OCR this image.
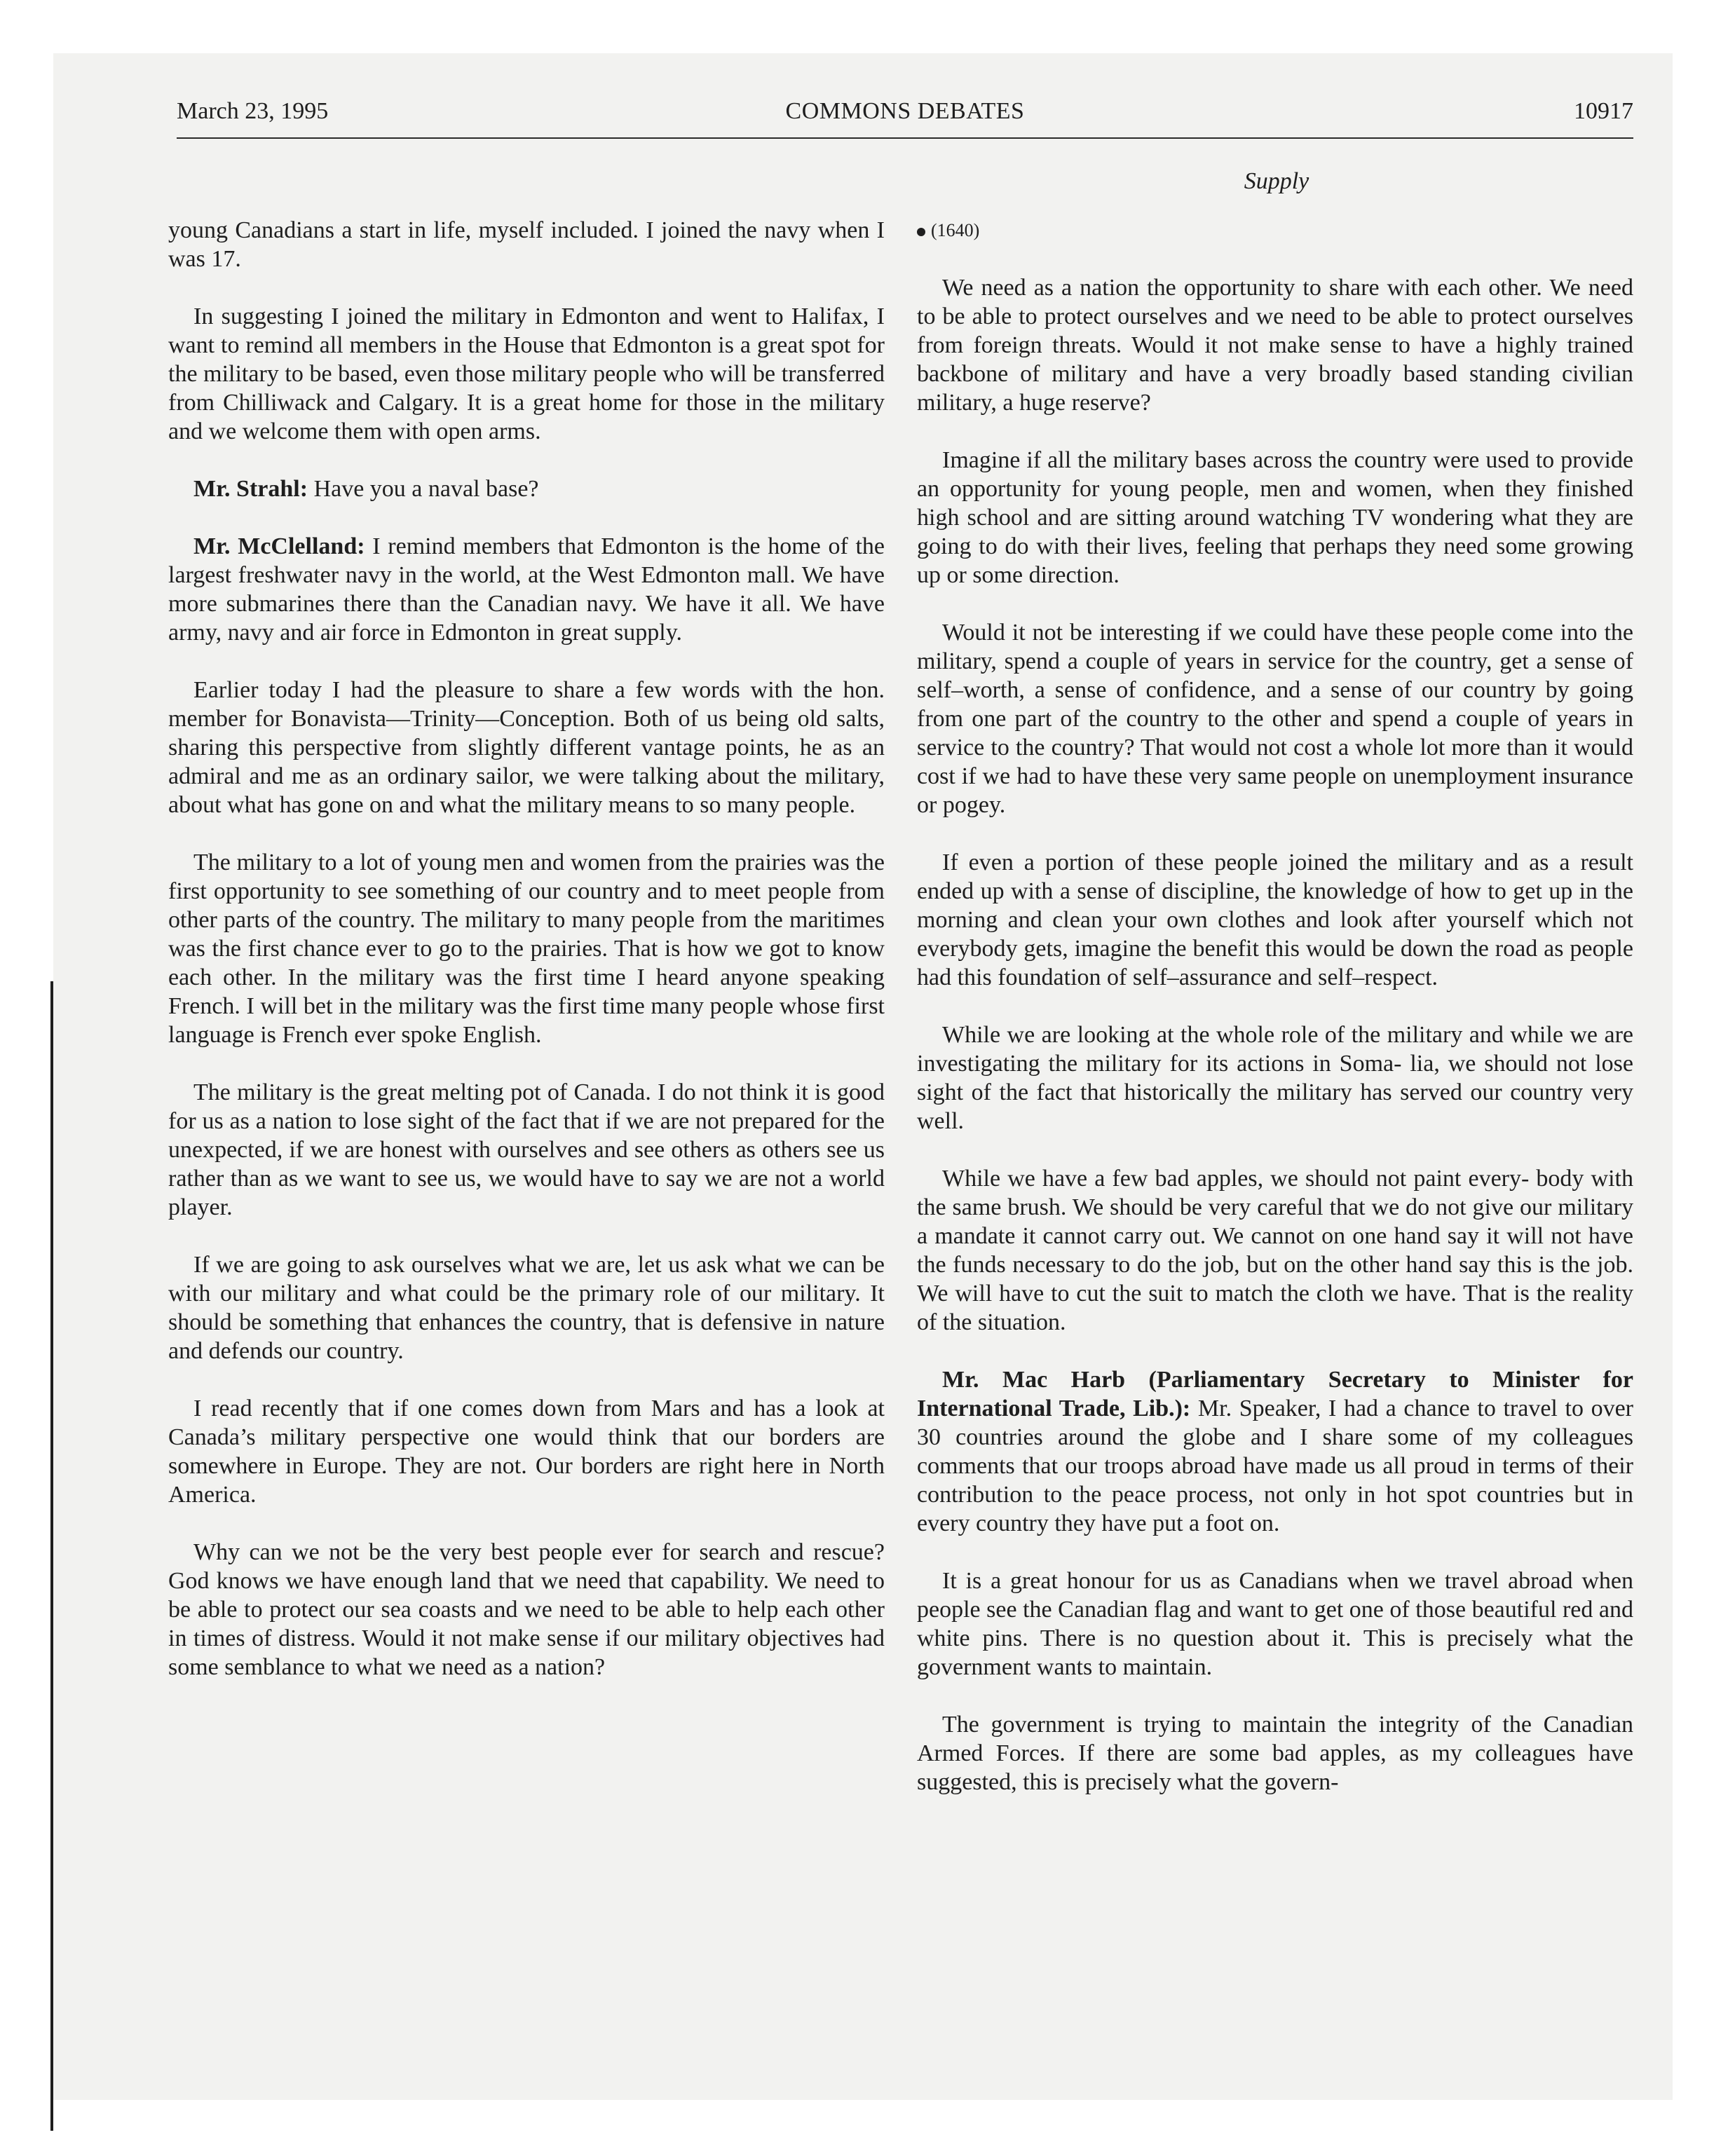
March 23, 1995	COMMONS DEBATES	10917
Supply

young Canadians a start in life, myself included. I joined the navy when I was 17.

In suggesting I joined the military in Edmonton and went to Halifax, I want to remind all members in the House that Edmonton is a great spot for the military to be based, even those military people who will be transferred from Chilliwack and Calgary. It is a great home for those in the military and we welcome them with open arms.

Mr. Strahl: Have you a naval base?

Mr. McClelland: I remind members that Edmonton is the home of the largest freshwater navy in the world, at the West Edmonton mall. We have more submarines there than the Canadian navy. We have it all. We have army, navy and air force in Edmonton in great supply.

Earlier today I had the pleasure to share a few words with the hon. member for Bonavista—Trinity—Conception. Both of us being old salts, sharing this perspective from slightly different vantage points, he as an admiral and me as an ordinary sailor, we were talking about the military, about what has gone on and what the military means to so many people.

The military to a lot of young men and women from the prairies was the first opportunity to see something of our country and to meet people from other parts of the country. The military to many people from the maritimes was the first chance ever to go to the prairies. That is how we got to know each other. In the military was the first time I heard anyone speaking French. I will bet in the military was the first time many people whose first language is French ever spoke English.

The military is the great melting pot of Canada. I do not think it is good for us as a nation to lose sight of the fact that if we are not prepared for the unexpected, if we are honest with ourselves and see others as others see us rather than as we want to see us, we would have to say we are not a world player.

If we are going to ask ourselves what we are, let us ask what we can be with our military and what could be the primary role of our military. It should be something that enhances the country, that is defensive in nature and defends our country.

I read recently that if one comes down from Mars and has a look at Canada’s military perspective one would think that our borders are somewhere in Europe. They are not. Our borders are right here in North America.

Why can we not be the very best people ever for search and rescue? God knows we have enough land that we need that capability. We need to be able to protect our sea coasts and we need to be able to help each other in times of distress. Would it not make sense if our military objectives had some semblance to what we need as a nation?

(1640)

We need as a nation the opportunity to share with each other. We need to be able to protect ourselves and we need to be able to protect ourselves from foreign threats. Would it not make sense to have a highly trained backbone of military and have a very broadly based standing civilian military, a huge reserve?

Imagine if all the military bases across the country were used to provide an opportunity for young people, men and women, when they finished high school and are sitting around watching TV wondering what they are going to do with their lives, feeling that perhaps they need some growing up or some direction.

Would it not be interesting if we could have these people come into the military, spend a couple of years in service for the country, get a sense of self–worth, a sense of confidence, and a sense of our country by going from one part of the country to the other and spend a couple of years in service to the country? That would not cost a whole lot more than it would cost if we had to have these very same people on unemployment insurance or pogey.

If even a portion of these people joined the military and as a result ended up with a sense of discipline, the knowledge of how to get up in the morning and clean your own clothes and look after yourself which not everybody gets, imagine the benefit this would be down the road as people had this foundation of self–assurance and self–respect.

While we are looking at the whole role of the military and while we are investigating the military for its actions in Soma- lia, we should not lose sight of the fact that historically the military has served our country very well.

While we have a few bad apples, we should not paint every- body with the same brush. We should be very careful that we do not give our military a mandate it cannot carry out. We cannot on one hand say it will not have the funds necessary to do the job, but on the other hand say this is the job. We will have to cut the suit to match the cloth we have. That is the reality of the situation.

Mr. Mac Harb (Parliamentary Secretary to Minister for International Trade, Lib.): Mr. Speaker, I had a chance to travel to over 30 countries around the globe and I share some of my colleagues comments that our troops abroad have made us all proud in terms of their contribution to the peace process, not only in hot spot countries but in every country they have put a foot on.

It is a great honour for us as Canadians when we travel abroad when people see the Canadian flag and want to get one of those beautiful red and white pins. There is no question about it. This is precisely what the government wants to maintain.

The government is trying to maintain the integrity of the Canadian Armed Forces. If there are some bad apples, as my colleagues have suggested, this is precisely what the govern-
